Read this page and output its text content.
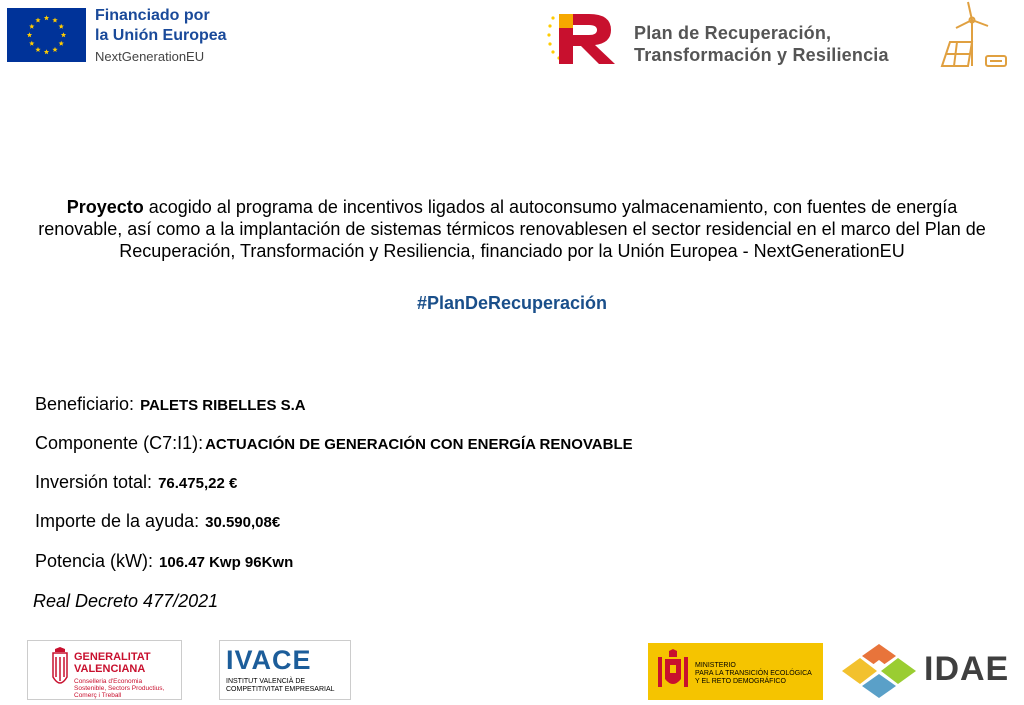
Financiado por
la Unión Europea
NextGenerationEU
Plan de Recuperación,
Transformación y Resiliencia
Proyecto acogido al programa de incentivos ligados al autoconsumo yalmacenamiento, con fuentes de energía renovable, así como a la implantación de sistemas térmicos renovablesen el sector residencial en el marco del Plan de Recuperación, Transformación y Resiliencia, financiado por la Unión Europea - NextGenerationEU
#PlanDeRecuperación
Beneficiario: PALETS RIBELLES S.A
Componente (C7:I1): ACTUACIÓN DE GENERACIÓN CON ENERGÍA RENOVABLE
Inversión total: 76.475,22 €
Importe de la ayuda: 30.590,08€
Potencia (kW): 106.47 Kwp 96Kwn
Real Decreto 477/2021
GENERALITAT
VALENCIANA
Conselleria d'Economia
Sostenible, Sectors Productius,
Comerç i Treball
IVACE
INSTITUT VALENCIÀ DE
COMPETITIVITAT EMPRESARIAL
MINISTERIO
PARA LA TRANSICIÓN ECOLÓGICA
Y EL RETO DEMOGRÁFICO	IDAE
